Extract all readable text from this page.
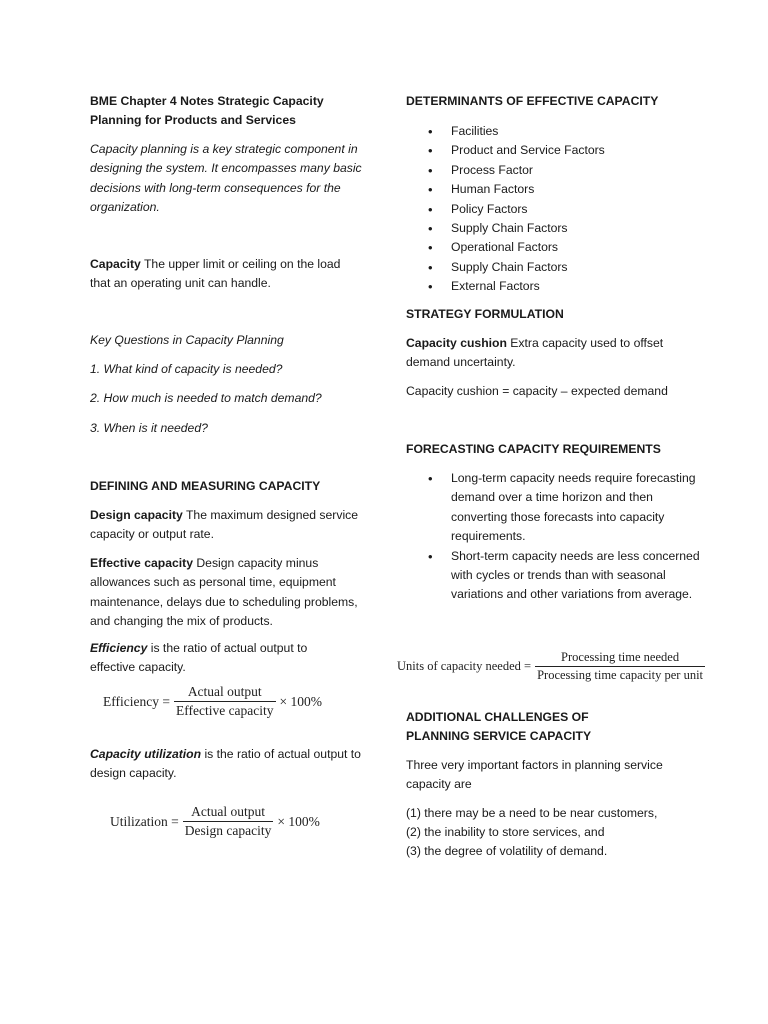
BME Chapter 4 Notes Strategic Capacity Planning for Products and Services
Capacity planning is a key strategic component in designing the system. It encompasses many basic decisions with long-term consequences for the organization.
Capacity The upper limit or ceiling on the load that an operating unit can handle.
Key Questions in Capacity Planning
1. What kind of capacity is needed?
2. How much is needed to match demand?
3. When is it needed?
DEFINING AND MEASURING CAPACITY
Design capacity The maximum designed service capacity or output rate.
Effective capacity Design capacity minus allowances such as personal time, equipment maintenance, delays due to scheduling problems, and changing the mix of products.
Efficiency is the ratio of actual output to effective capacity.
Efficiency = $\frac{\text{Actual output}}{\text{Effective capacity}} \times 100\%$
Capacity utilization is the ratio of actual output to design capacity.
Utilization = $\frac{\text{Actual output}}{\text{Design capacity}} \times 100\%$
DETERMINANTS OF EFFECTIVE CAPACITY
• Facilities
• Product and Service Factors
• Process Factor
• Human Factors
• Policy Factors
• Supply Chain Factors
• Operational Factors
• Supply Chain Factors
• External Factors
STRATEGY FORMULATION
Capacity cushion Extra capacity used to offset demand uncertainty.
Capacity cushion = capacity – expected demand
FORECASTING CAPACITY REQUIREMENTS
• Long-term capacity needs require forecasting demand over a time horizon and then converting those forecasts into capacity requirements.
• Short-term capacity needs are less concerned with cycles or trends than with seasonal variations and other variations from average.
Units of capacity needed = $\frac{\text{Processing time needed}}{\text{Processing time capacity per unit}}$
ADDITIONAL CHALLENGES OF
PLANNING SERVICE CAPACITY
Three very important factors in planning service capacity are
(1) there may be a need to be near customers,
(2) the inability to store services, and
(3) the degree of volatility of demand.
